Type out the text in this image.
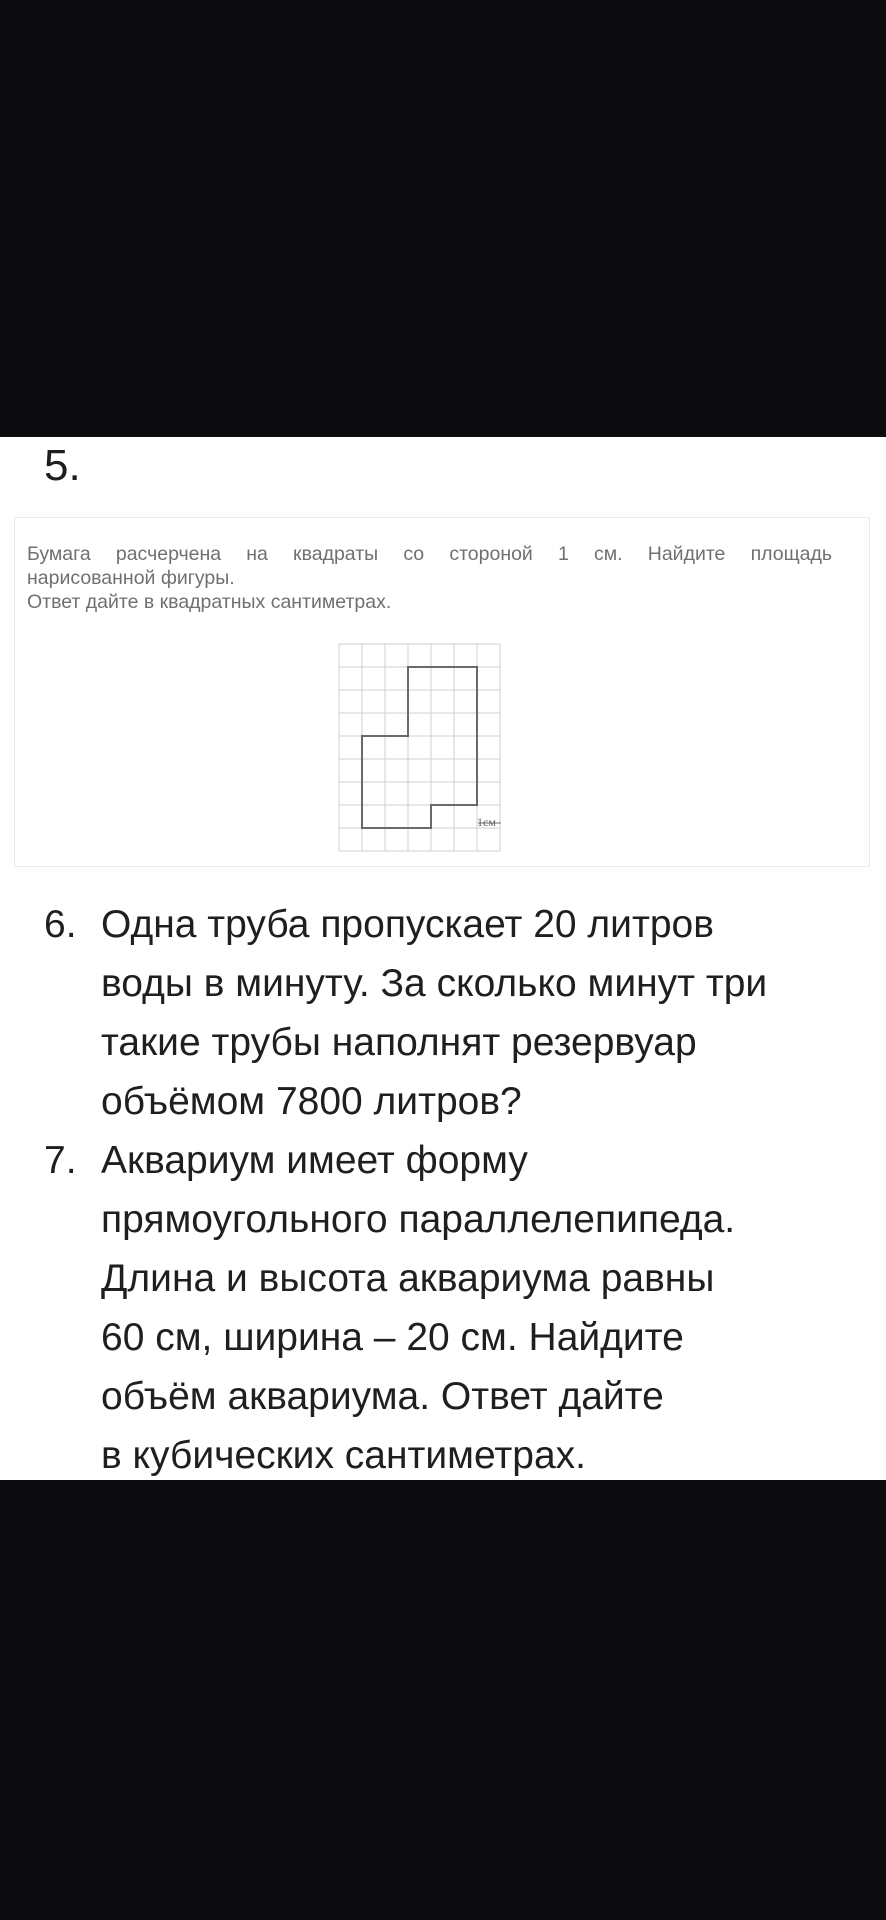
5.
Бумага расчерчена на квадраты со стороной 1 см. Найдите площадь
нарисованной фигуры.
Ответ дайте в квадратных сантиметрах.
1см
6. Одна труба пропускает 20 литров
воды в минуту. За сколько минут три
такие трубы наполнят резервуар
объёмом 7800 литров?
7. Аквариум имеет форму
прямоугольного параллелепипеда.
Длина и высота аквариума равны
60 см, ширина – 20 см. Найдите
объём аквариума. Ответ дайте
в кубических сантиметрах.
